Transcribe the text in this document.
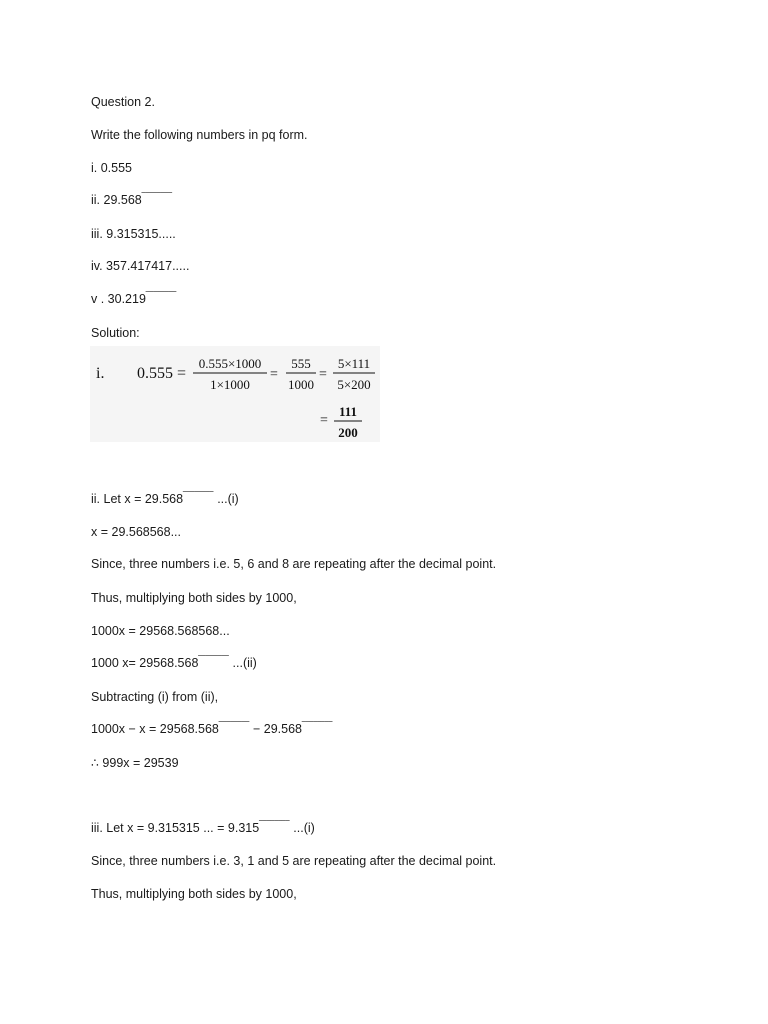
Question 2.
Write the following numbers in pq form.
i. 0.555
ii. 29.568‾‾‾‾‾‾‾‾
iii. 9.315315.....
iv. 357.417417.....
v . 30.219‾‾‾‾‾‾‾‾
Solution:
i. 0.555 =
0.555×1000
1×1000
=
555
1000
=
5×111
5×200
=
111
200
ii. Let x = 29.568‾‾‾‾‾‾‾‾ ...(i)
x = 29.568568...
Since, three numbers i.e. 5, 6 and 8 are repeating after the decimal point.
Thus, multiplying both sides by 1000,
1000x = 29568.568568...
1000 x= 29568.568‾‾‾‾‾‾‾‾ ...(ii)
Subtracting (i) from (ii),
1000x − x = 29568.568‾‾‾‾‾‾‾‾ − 29.568‾‾‾‾‾‾‾‾
∴ 999x = 29539
iii. Let x = 9.315315 ... = 9.315‾‾‾‾‾‾‾‾ ...(i)
Since, three numbers i.e. 3, 1 and 5 are repeating after the decimal point.
Thus, multiplying both sides by 1000,
